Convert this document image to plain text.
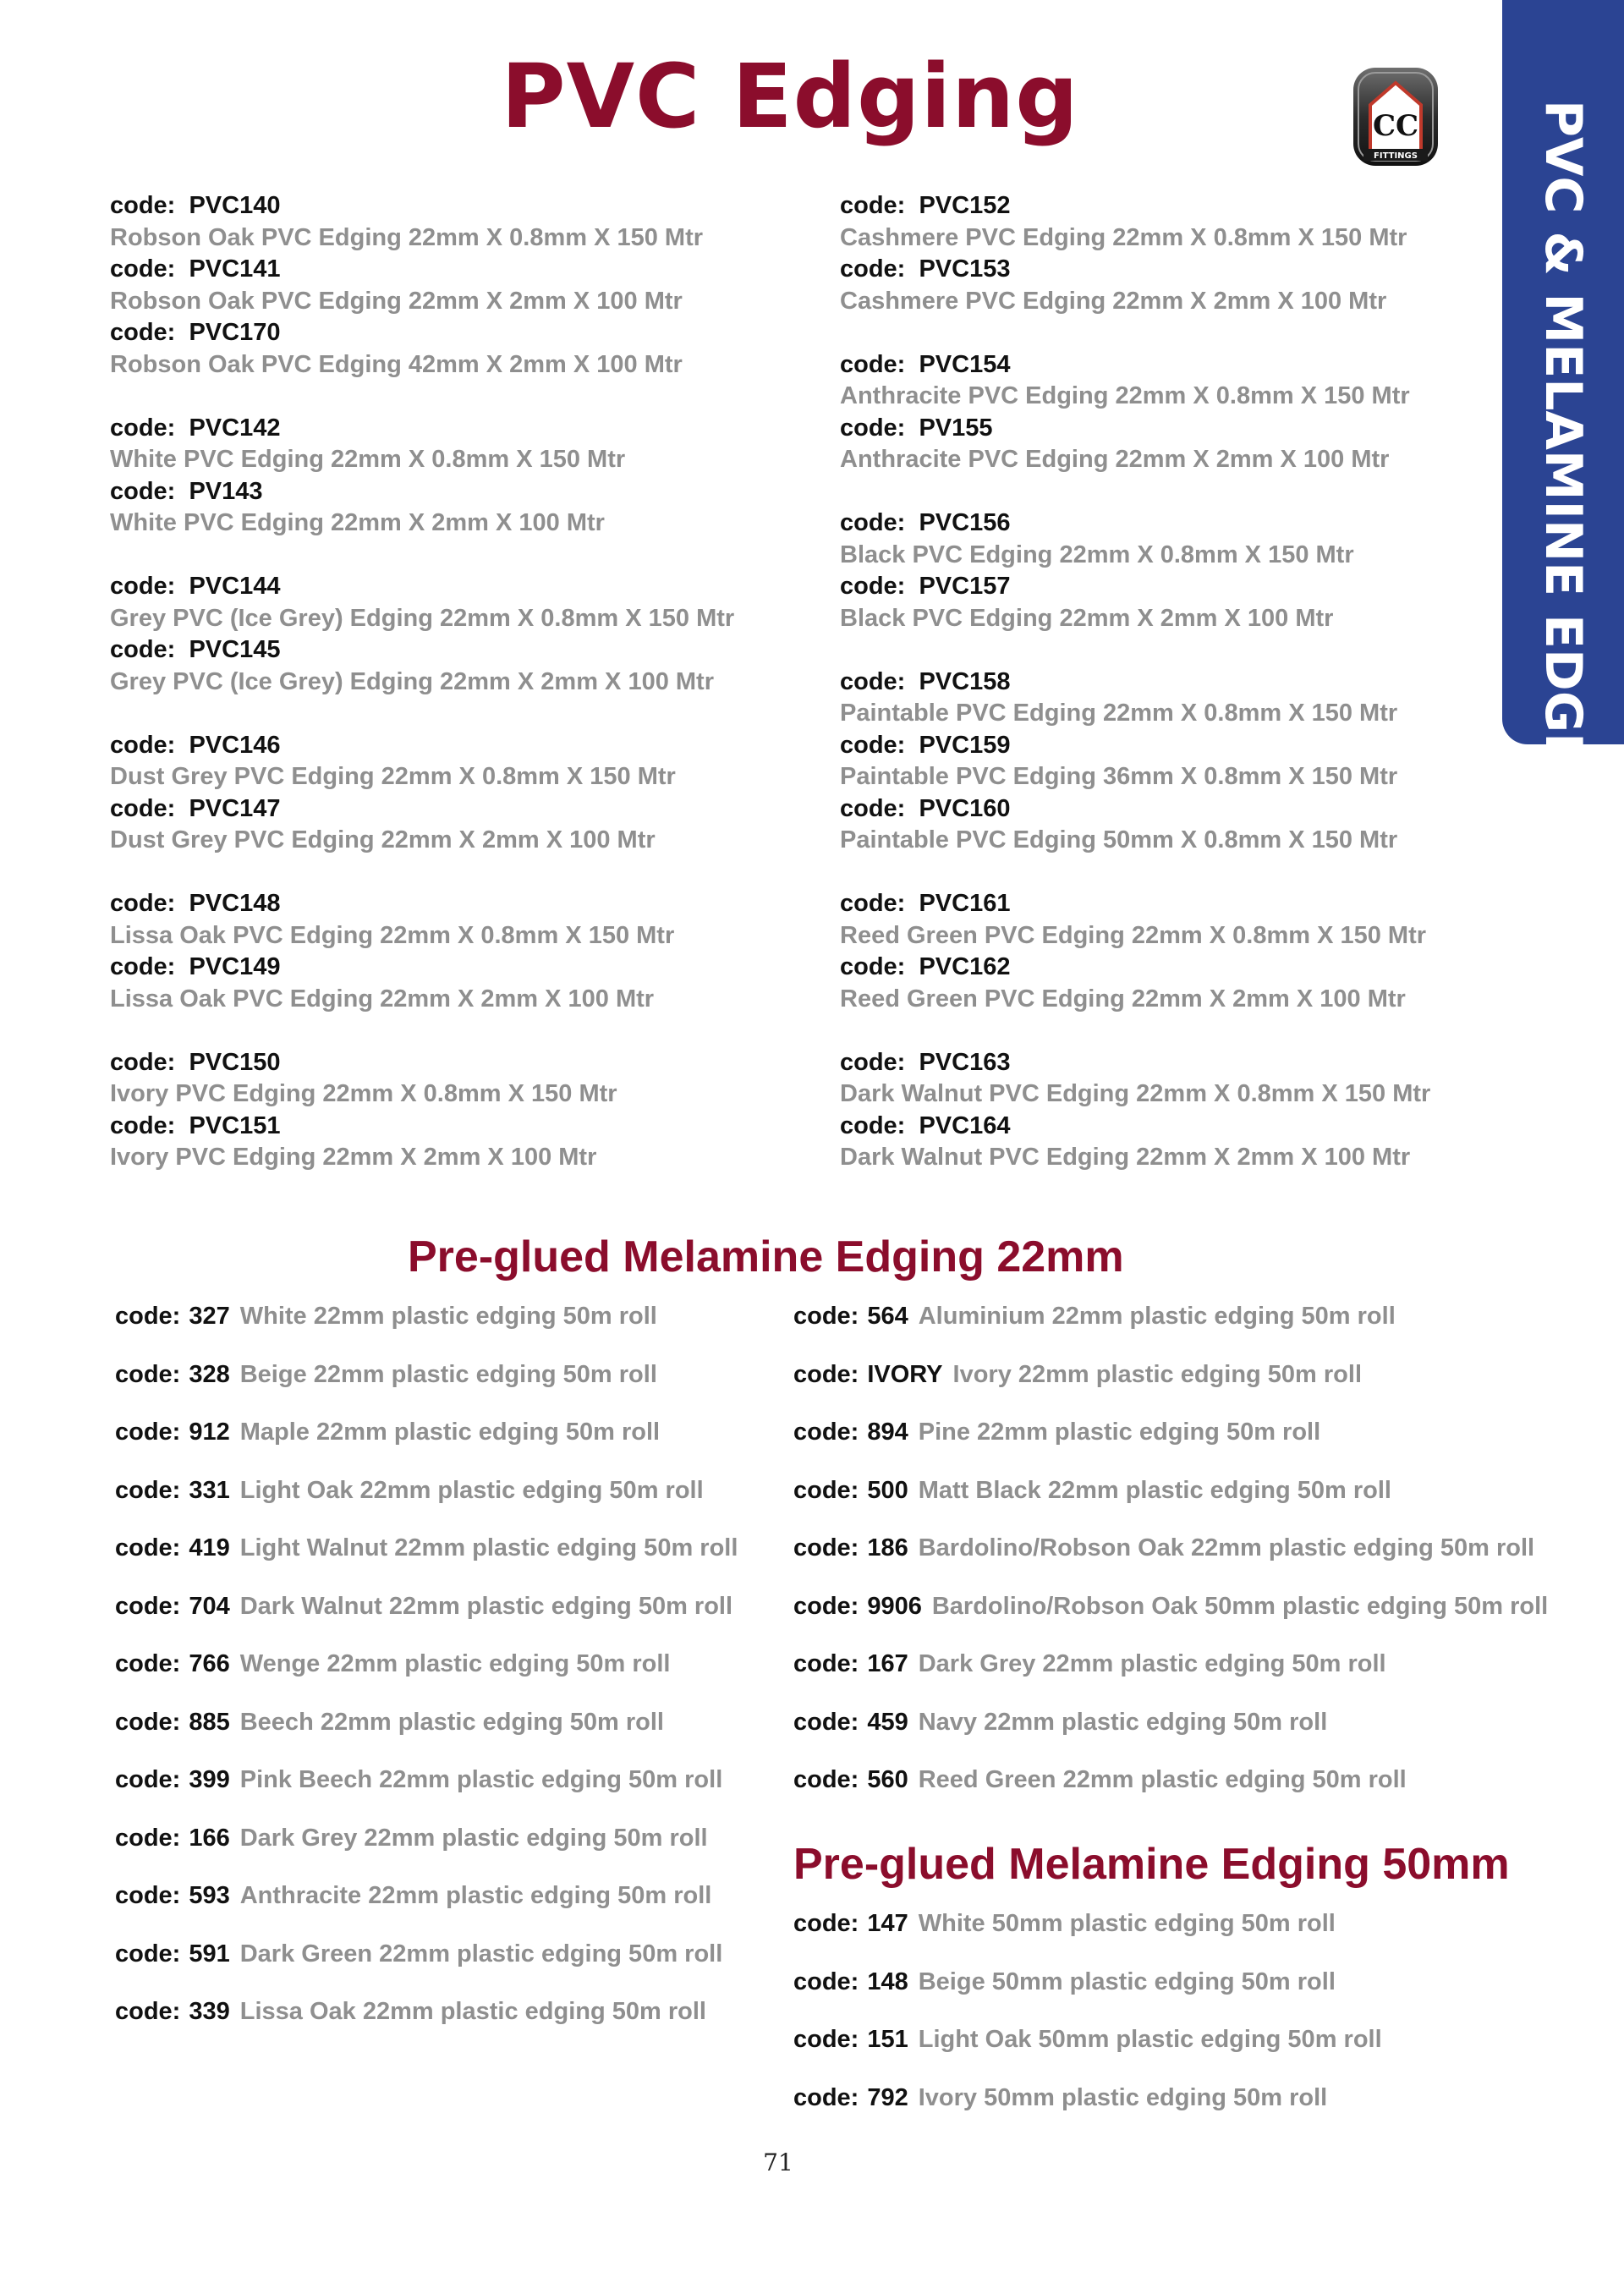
PVC Edging	CC
FITTINGS PVC & MELAMINE EDGING
code: PVC140
Robson Oak PVC Edging 22mm X 0.8mm X 150 Mtr
code: PVC141
Robson Oak PVC Edging 22mm X 2mm X 100 Mtr
code: PVC170
Robson Oak PVC Edging 42mm X 2mm X 100 Mtr
code: PVC142
White PVC Edging 22mm X 0.8mm X 150 Mtr
code: PV143
White PVC Edging 22mm X 2mm X 100 Mtr
code: PVC144
Grey PVC (Ice Grey) Edging 22mm X 0.8mm X 150 Mtr
code: PVC145
Grey PVC (Ice Grey) Edging 22mm X 2mm X 100 Mtr
code: PVC146
Dust Grey PVC Edging 22mm X 0.8mm X 150 Mtr
code: PVC147
Dust Grey PVC Edging 22mm X 2mm X 100 Mtr
code: PVC148
Lissa Oak PVC Edging 22mm X 0.8mm X 150 Mtr
code: PVC149
Lissa Oak PVC Edging 22mm X 2mm X 100 Mtr
code: PVC150
Ivory PVC Edging 22mm X 0.8mm X 150 Mtr
code: PVC151
Ivory PVC Edging 22mm X 2mm X 100 Mtr
code: PVC152
Cashmere PVC Edging 22mm X 0.8mm X 150 Mtr
code: PVC153
Cashmere PVC Edging 22mm X 2mm X 100 Mtr
code: PVC154
Anthracite PVC Edging 22mm X 0.8mm X 150 Mtr
code: PV155
Anthracite PVC Edging 22mm X 2mm X 100 Mtr
code: PVC156
Black PVC Edging 22mm X 0.8mm X 150 Mtr
code: PVC157
Black PVC Edging 22mm X 2mm X 100 Mtr
code: PVC158
Paintable PVC Edging 22mm X 0.8mm X 150 Mtr
code: PVC159
Paintable PVC Edging 36mm X 0.8mm X 150 Mtr
code: PVC160
Paintable PVC Edging 50mm X 0.8mm X 150 Mtr
code: PVC161
Reed Green PVC Edging 22mm X 0.8mm X 150 Mtr
code: PVC162
Reed Green PVC Edging 22mm X 2mm X 100 Mtr
code: PVC163
Dark Walnut PVC Edging 22mm X 0.8mm X 150 Mtr
code: PVC164
Dark Walnut PVC Edging 22mm X 2mm X 100 Mtr
Pre-glued Melamine Edging 22mm
code: 327 White 22mm plastic edging 50m roll
code: 328 Beige 22mm plastic edging 50m roll
code: 912 Maple 22mm plastic edging 50m roll
code: 331 Light Oak 22mm plastic edging 50m roll
code: 419 Light Walnut 22mm plastic edging 50m roll
code: 704 Dark Walnut 22mm plastic edging 50m roll
code: 766 Wenge 22mm plastic edging 50m roll
code: 885 Beech 22mm plastic edging 50m roll
code: 399 Pink Beech 22mm plastic edging 50m roll
code: 166 Dark Grey 22mm plastic edging 50m roll
code: 593 Anthracite 22mm plastic edging 50m roll
code: 591 Dark Green 22mm plastic edging 50m roll
code: 339 Lissa Oak 22mm plastic edging 50m roll
code: 564 Aluminium 22mm plastic edging 50m roll
code: IVORY Ivory 22mm plastic edging 50m roll
code: 894 Pine 22mm plastic edging 50m roll
code: 500 Matt Black 22mm plastic edging 50m roll
code: 186 Bardolino/Robson Oak 22mm plastic edging 50m roll
code: 9906 Bardolino/Robson Oak 50mm plastic edging 50m roll
code: 167 Dark Grey 22mm plastic edging 50m roll
code: 459 Navy 22mm plastic edging 50m roll
code: 560 Reed Green 22mm plastic edging 50m roll
Pre-glued Melamine Edging 50mm
code: 147 White 50mm plastic edging 50m roll
code: 148 Beige 50mm plastic edging 50m roll
code: 151 Light Oak 50mm plastic edging 50m roll
code: 792 Ivory 50mm plastic edging 50m roll
71
